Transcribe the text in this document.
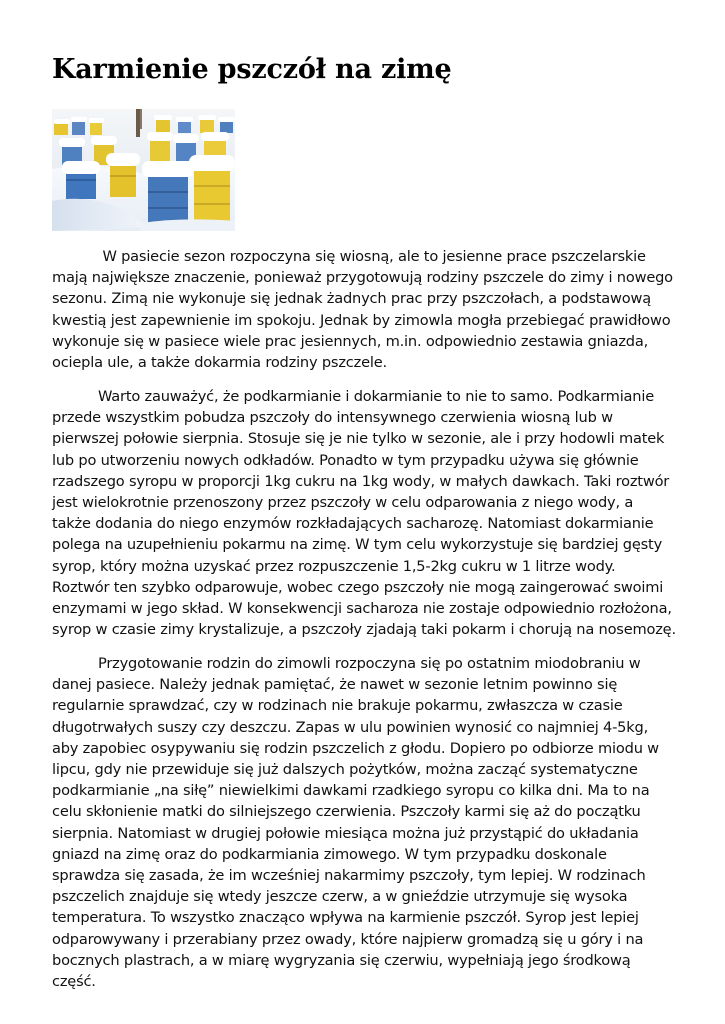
Karmienie pszczół na zimę

W pasiecie sezon rozpoczyna się wiosną, ale to jesienne prace pszczelarskie mają największe znaczenie, ponieważ przygotowują rodziny pszczele do zimy i nowego sezonu. Zimą nie wykonuje się jednak żadnych prac przy pszczołach, a podstawową kwestią jest zapewnienie im spokoju. Jednak by zimowla mogła przebiegać prawidłowo wykonuje się w pasiece wiele prac jesiennych, m.in. odpowiednio zestawia gniazda, ociepla ule, a także dokarmia rodziny pszczele.

Warto zauważyć, że podkarmianie i dokarmianie to nie to samo. Podkarmianie przede wszystkim pobudza pszczoły do intensywnego czerwienia wiosną lub w pierwszej połowie sierpnia. Stosuje się je nie tylko w sezonie, ale i przy hodowli matek lub po utworzeniu nowych odkładów. Ponadto w tym przypadku używa się głównie rzadszego syropu w proporcji 1kg cukru na 1kg wody, w małych dawkach. Taki roztwór jest wielokrotnie przenoszony przez pszczoły w celu odparowania z niego wody, a także dodania do niego enzymów rozkładających sacharozę. Natomiast dokarmianie polega na uzupełnieniu pokarmu na zimę. W tym celu wykorzystuje się bardziej gęsty syrop, który można uzyskać przez rozpuszczenie 1,5-2kg cukru w 1 litrze wody. Roztwór ten szybko odparowuje, wobec czego pszczoły nie mogą zaingerować swoimi enzymami w jego skład. W konsekwencji sacharoza nie zostaje odpowiednio rozłożona, syrop w czasie zimy krystalizuje, a pszczoły zjadają taki pokarm i chorują na nosemozę.

Przygotowanie rodzin do zimowli rozpoczyna się po ostatnim miodobraniu w danej pasiece. Należy jednak pamiętać, że nawet w sezonie letnim powinno się regularnie sprawdzać, czy w rodzinach nie brakuje pokarmu, zwłaszcza w czasie długotrwałych suszy czy deszczu. Zapas w ulu powinien wynosić co najmniej 4-5kg, aby zapobiec osypywaniu się rodzin pszczelich z głodu. Dopiero po odbiorze miodu w lipcu, gdy nie przewiduje się już dalszych pożytków, można zacząć systematyczne podkarmianie „na siłę” niewielkimi dawkami rzadkiego syropu co kilka dni. Ma to na celu skłonienie matki do silniejszego czerwienia. Pszczoły karmi się aż do początku sierpnia. Natomiast w drugiej połowie miesiąca można już przystąpić do układania gniazd na zimę oraz do podkarmiania zimowego. W tym przypadku doskonale sprawdza się zasada, że im wcześniej nakarmimy pszczoły, tym lepiej. W rodzinach pszczelich znajduje się wtedy jeszcze czerw, a w gnieździe utrzymuje się wysoka temperatura. To wszystko znacząco wpływa na karmienie pszczół. Syrop jest lepiej odparowywany i przerabiany przez owady, które najpierw gromadzą się u góry i na bocznych plastrach, a w miarę wygryzania się czerwiu, wypełniają jego środkową część.
